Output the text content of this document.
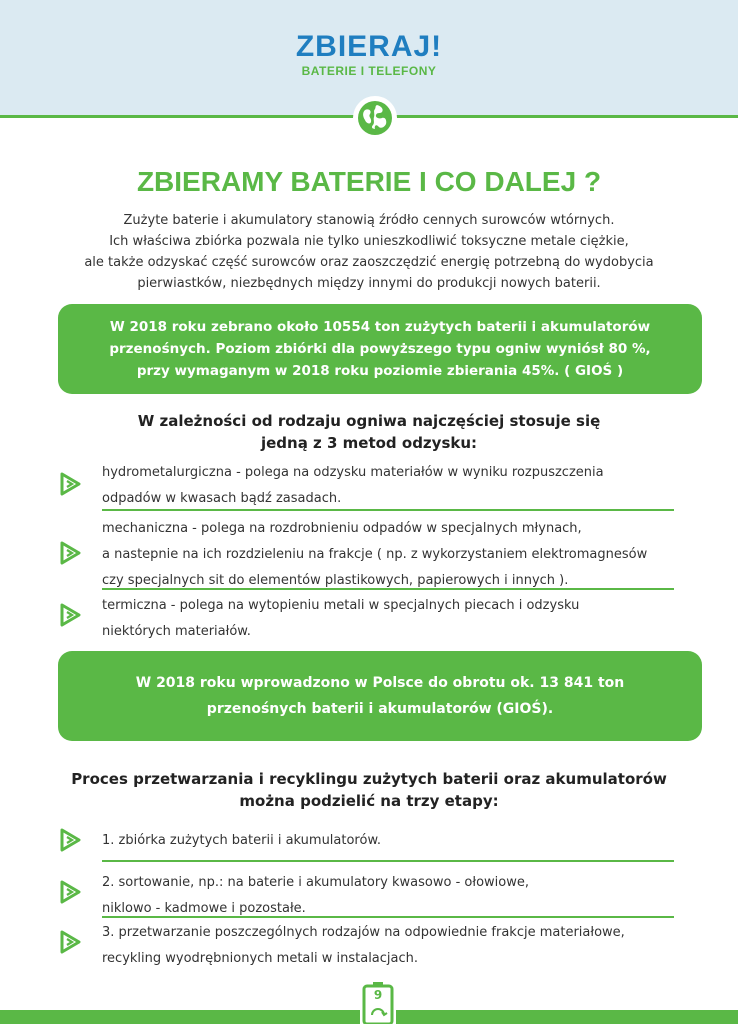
ZBIERAJ!
BATERIE I TELEFONY
ZBIERAMY BATERIE I CO DALEJ ?
Zużyte baterie i akumulatory stanowią źródło cennych surowców wtórnych.
Ich właściwa zbiórka pozwala nie tylko unieszkodliwić toksyczne metale ciężkie,
ale także odzyskać część surowców oraz zaoszczędzić energię potrzebną do wydobycia
pierwiastków, niezbędnych między innymi do produkcji nowych baterii.
W 2018 roku zebrano około 10554 ton zużytych baterii i akumulatorów
przenośnych. Poziom zbiórki dla powyższego typu ogniw wyniósł 80 %,
przy wymaganym w 2018 roku poziomie zbierania 45%. ( GIOŚ )
W zależności od rodzaju ogniwa najczęściej stosuje się
jedną z 3 metod odzysku:
hydrometalurgiczna - polega na odzysku materiałów w wyniku rozpuszczenia
odpadów w kwasach bądź zasadach.
mechaniczna - polega na rozdrobnieniu odpadów w specjalnych młynach,
a nastepnie na ich rozdzieleniu na frakcje ( np. z wykorzystaniem elektromagnesów
czy specjalnych sit do elementów plastikowych, papierowych i innych ).
termiczna - polega na wytopieniu metali w specjalnych piecach i odzysku
niektórych materiałów.
W 2018 roku wprowadzono w Polsce do obrotu ok. 13 841 ton
przenośnych baterii i akumulatorów (GIOŚ).
Proces przetwarzania i recyklingu zużytych baterii oraz akumulatorów
można podzielić na trzy etapy:
1. zbiórka zużytych baterii i akumulatorów.
2. sortowanie, np.: na baterie i akumulatory kwasowo - ołowiowe,
niklowo - kadmowe i pozostałe.
3. przetwarzanie poszczególnych rodzajów na odpowiednie frakcje materiałowe,
recykling wyodrębnionych metali w instalacjach.
9
